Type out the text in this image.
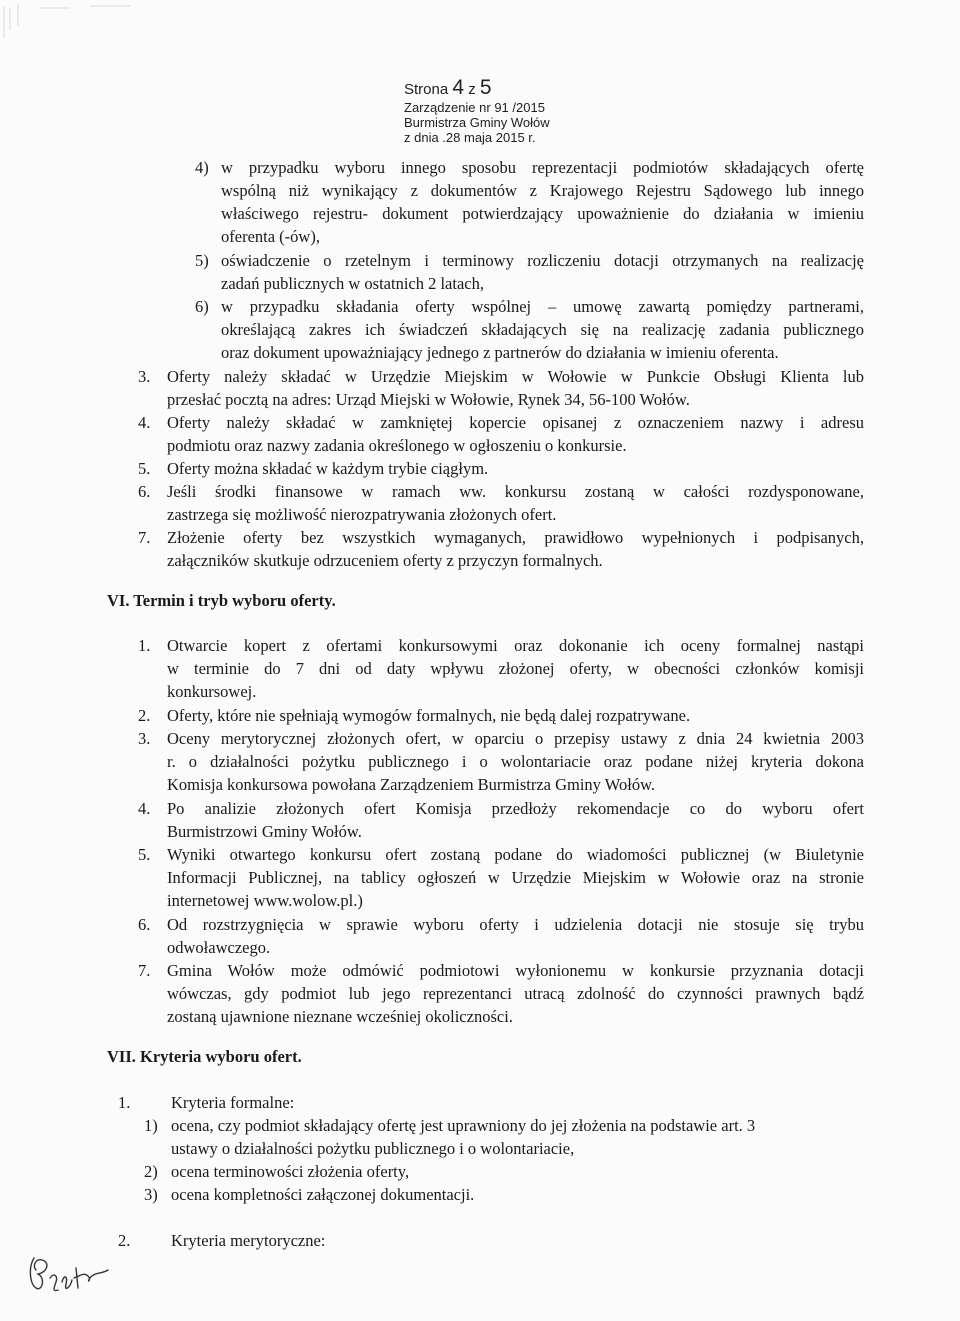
Strona 4 z 5
Zarządzenie nr 91 /2015
Burmistrza Gminy Wołów
z dnia .28 maja 2015 r.
4) w przypadku wyboru innego sposobu reprezentacji podmiotów składających ofertę
wspólną niż wynikający z dokumentów z Krajowego Rejestru Sądowego lub innego
właściwego rejestru- dokument potwierdzający upoważnienie do działania w imieniu
oferenta (-ów),
5) oświadczenie o rzetelnym i terminowy rozliczeniu dotacji otrzymanych na realizację
zadań publicznych w ostatnich 2 latach,
6) w przypadku składania oferty wspólnej – umowę zawartą pomiędzy partnerami,
określającą zakres ich świadczeń składających się na realizację zadania publicznego
oraz dokument upoważniający jednego z partnerów do działania w imieniu oferenta.
3. Oferty należy składać w Urzędzie Miejskim w Wołowie w Punkcie Obsługi Klienta lub
przesłać pocztą na adres: Urząd Miejski w Wołowie, Rynek 34, 56-100 Wołów.
4. Oferty należy składać w zamkniętej kopercie opisanej z oznaczeniem nazwy i adresu
podmiotu oraz nazwy zadania określonego w ogłoszeniu o konkursie.
5. Oferty można składać w każdym trybie ciągłym.
6. Jeśli środki finansowe w ramach ww. konkursu zostaną w całości rozdysponowane,
zastrzega się możliwość nierozpatrywania złożonych ofert.
7. Złożenie oferty bez wszystkich wymaganych, prawidłowo wypełnionych i podpisanych,
załączników skutkuje odrzuceniem oferty z przyczyn formalnych.
VI. Termin i tryb wyboru oferty.
1. Otwarcie kopert z ofertami konkursowymi oraz dokonanie ich oceny formalnej nastąpi
w terminie do 7 dni od daty wpływu złożonej oferty, w obecności członków komisji
konkursowej.
2. Oferty, które nie spełniają wymogów formalnych, nie będą dalej rozpatrywane.
3. Oceny merytorycznej złożonych ofert, w oparciu o przepisy ustawy z dnia 24 kwietnia 2003
r. o działalności pożytku publicznego i o wolontariacie oraz podane niżej kryteria dokona
Komisja konkursowa powołana Zarządzeniem Burmistrza Gminy Wołów.
4. Po analizie złożonych ofert Komisja przedłoży rekomendacje co do wyboru ofert
Burmistrzowi Gminy Wołów.
5. Wyniki otwartego konkursu ofert zostaną podane do wiadomości publicznej (w Biuletynie
Informacji Publicznej, na tablicy ogłoszeń w Urzędzie Miejskim w Wołowie oraz na stronie
internetowej www.wolow.pl.)
6. Od rozstrzygnięcia w sprawie wyboru oferty i udzielenia dotacji nie stosuje się trybu
odwoławczego.
7. Gmina Wołów może odmówić podmiotowi wyłonionemu w konkursie przyznania dotacji
wówczas, gdy podmiot lub jego reprezentanci utracą zdolność do czynności prawnych bądź
zostaną ujawnione nieznane wcześniej okoliczności.
VII. Kryteria wyboru ofert.
1. Kryteria formalne:
1) ocena, czy podmiot składający ofertę jest uprawniony do jej złożenia na podstawie art. 3
ustawy o działalności pożytku publicznego i o wolontariacie,
2) ocena terminowości złożenia oferty,
3) ocena kompletności załączonej dokumentacji.
2. Kryteria merytoryczne:
